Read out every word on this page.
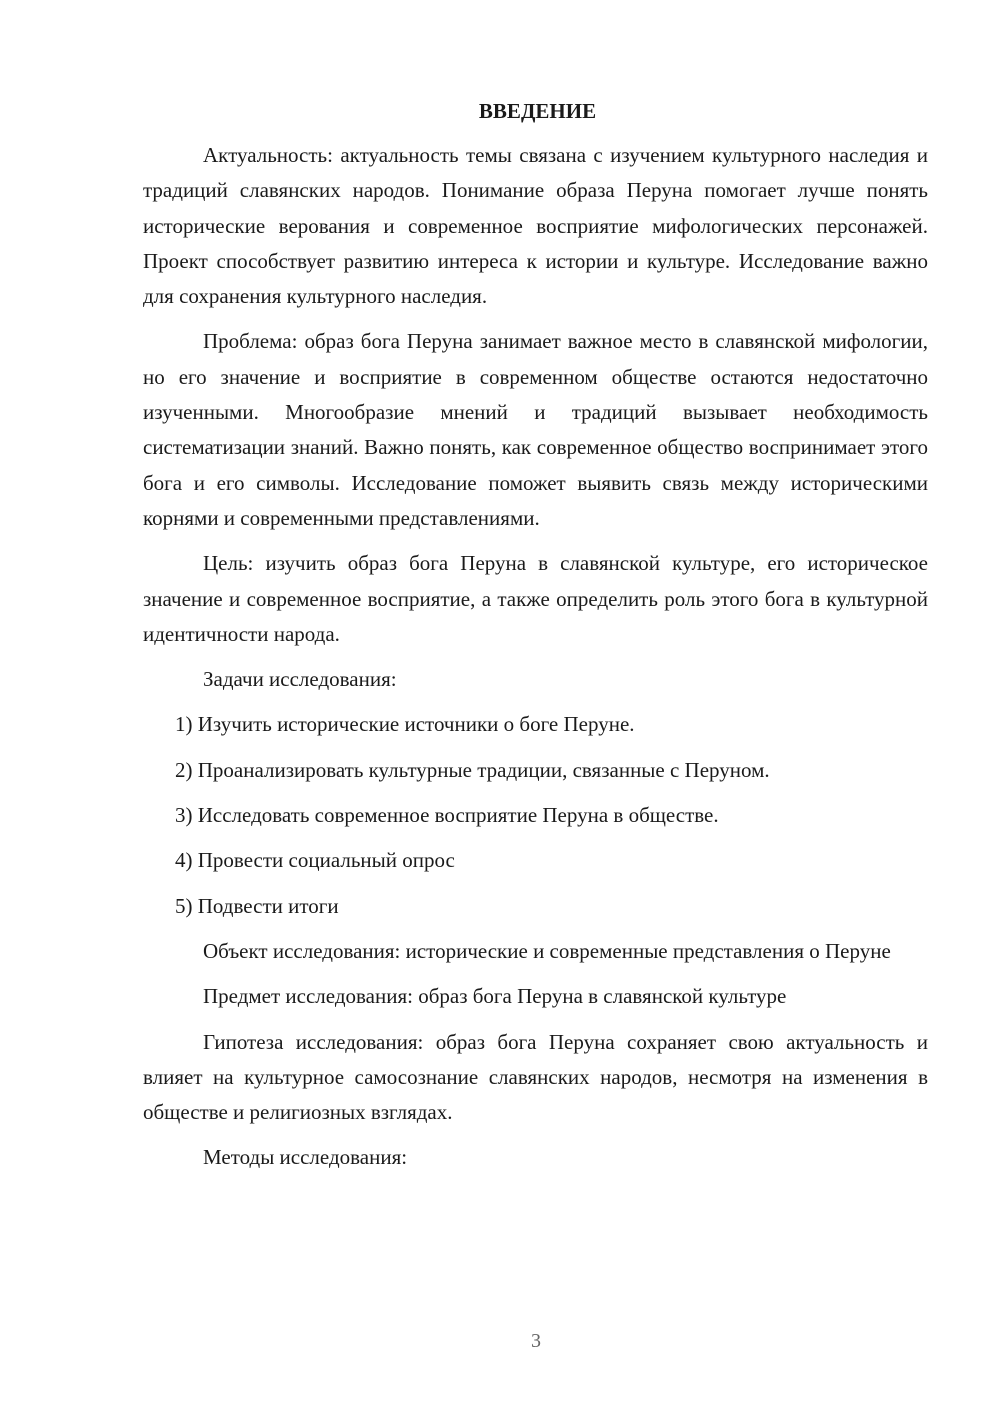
ВВЕДЕНИЕ

Актуальность: актуальность темы связана с изучением культурного наследия и традиций славянских народов. Понимание образа Перуна помогает лучше понять исторические верования и современное восприятие мифологических персонажей. Проект способствует развитию интереса к истории и культуре. Исследование важно для сохранения культурного наследия.

Проблема: образ бога Перуна занимает важное место в славянской мифологии, но его значение и восприятие в современном обществе остаются недостаточно изученными. Многообразие мнений и традиций вызывает необходимость систематизации знаний. Важно понять, как современное общество воспринимает этого бога и его символы. Исследование поможет выявить связь между историческими корнями и современными представлениями.

Цель: изучить образ бога Перуна в славянской культуре, его историческое значение и современное восприятие, а также определить роль этого бога в культурной идентичности народа.

Задачи исследования:

1) Изучить исторические источники о боге Перуне.

2) Проанализировать культурные традиции, связанные с Перуном.

3) Исследовать современное восприятие Перуна в обществе.

4) Провести социальный опрос

5) Подвести итоги

Объект исследования: исторические и современные представления о Перуне

Предмет исследования: образ бога Перуна в славянской культуре

Гипотеза исследования: образ бога Перуна сохраняет свою актуальность и влияет на культурное самосознание славянских народов, несмотря на изменения в обществе и религиозных взглядах.

Методы исследования:

3
